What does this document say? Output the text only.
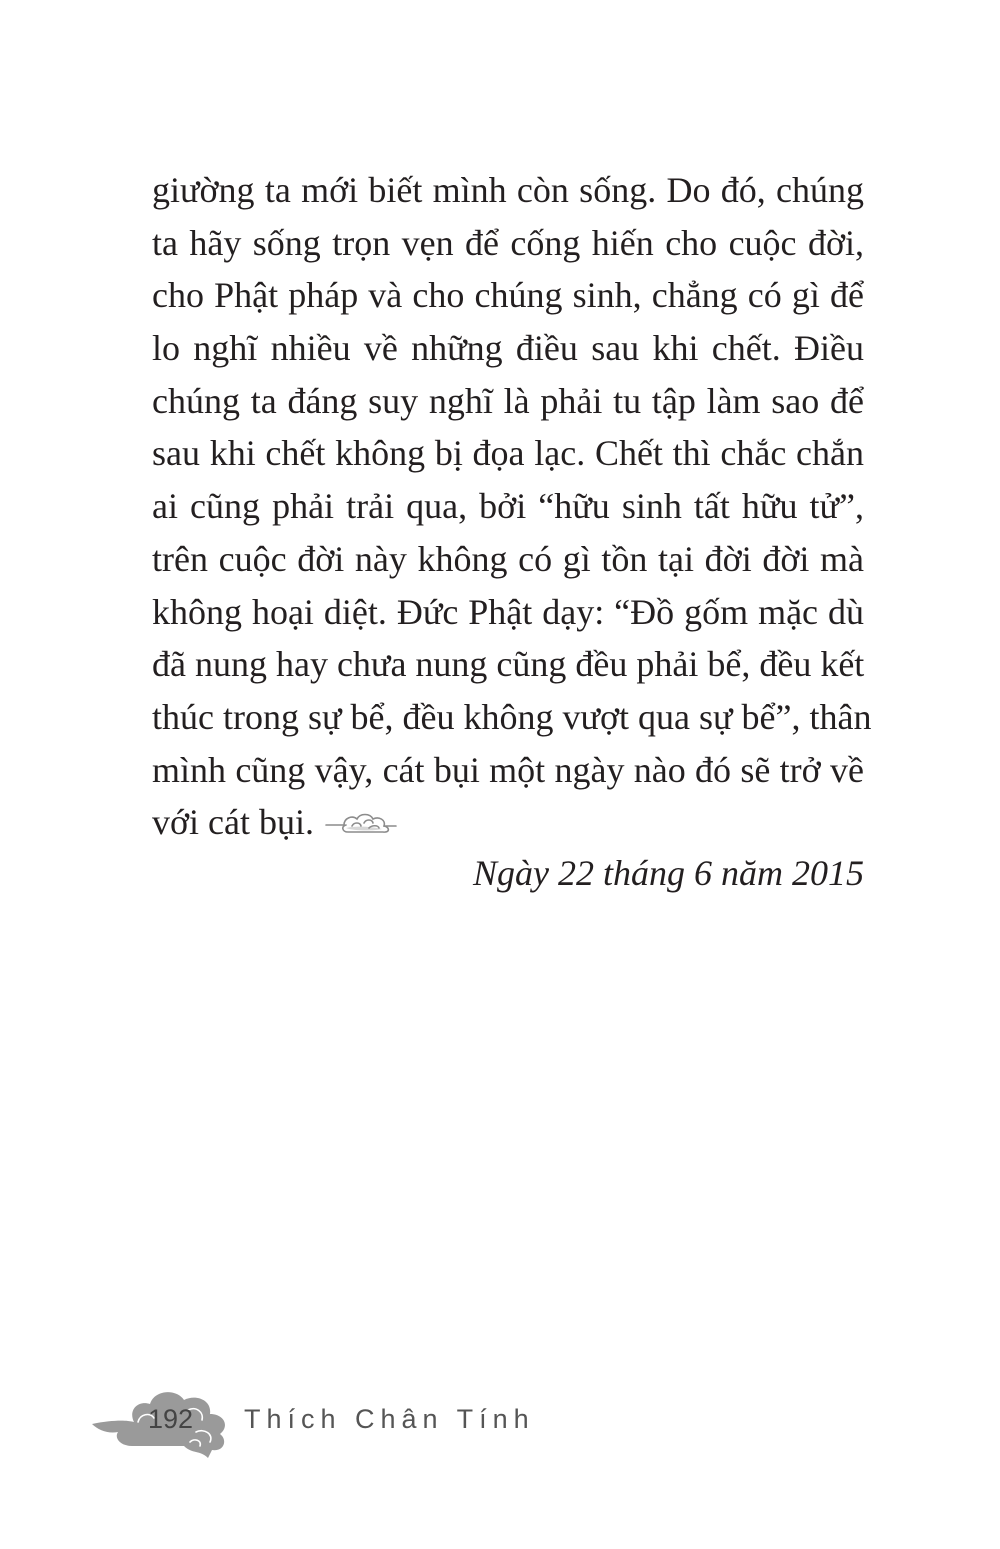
giường ta mới biết mình còn sống. Do đó, chúng
ta hãy sống trọn vẹn để cống hiến cho cuộc đời,
cho Phật pháp và cho chúng sinh, chẳng có gì để
lo nghĩ nhiều về những điều sau khi chết. Điều
chúng ta đáng suy nghĩ là phải tu tập làm sao để
sau khi chết không bị đọa lạc. Chết thì chắc chắn
ai cũng phải trải qua, bởi “hữu sinh tất hữu tử”,
trên cuộc đời này không có gì tồn tại đời đời mà
không hoại diệt. Đức Phật dạy: “Đồ gốm mặc dù
đã nung hay chưa nung cũng đều phải bể, đều kết
thúc trong sự bể, đều không vượt qua sự bể”, thân
mình cũng vậy, cát bụi một ngày nào đó sẽ trở về
với cát bụi.
Ngày 22 tháng 6 năm 2015
192 Thích Chân Tính
